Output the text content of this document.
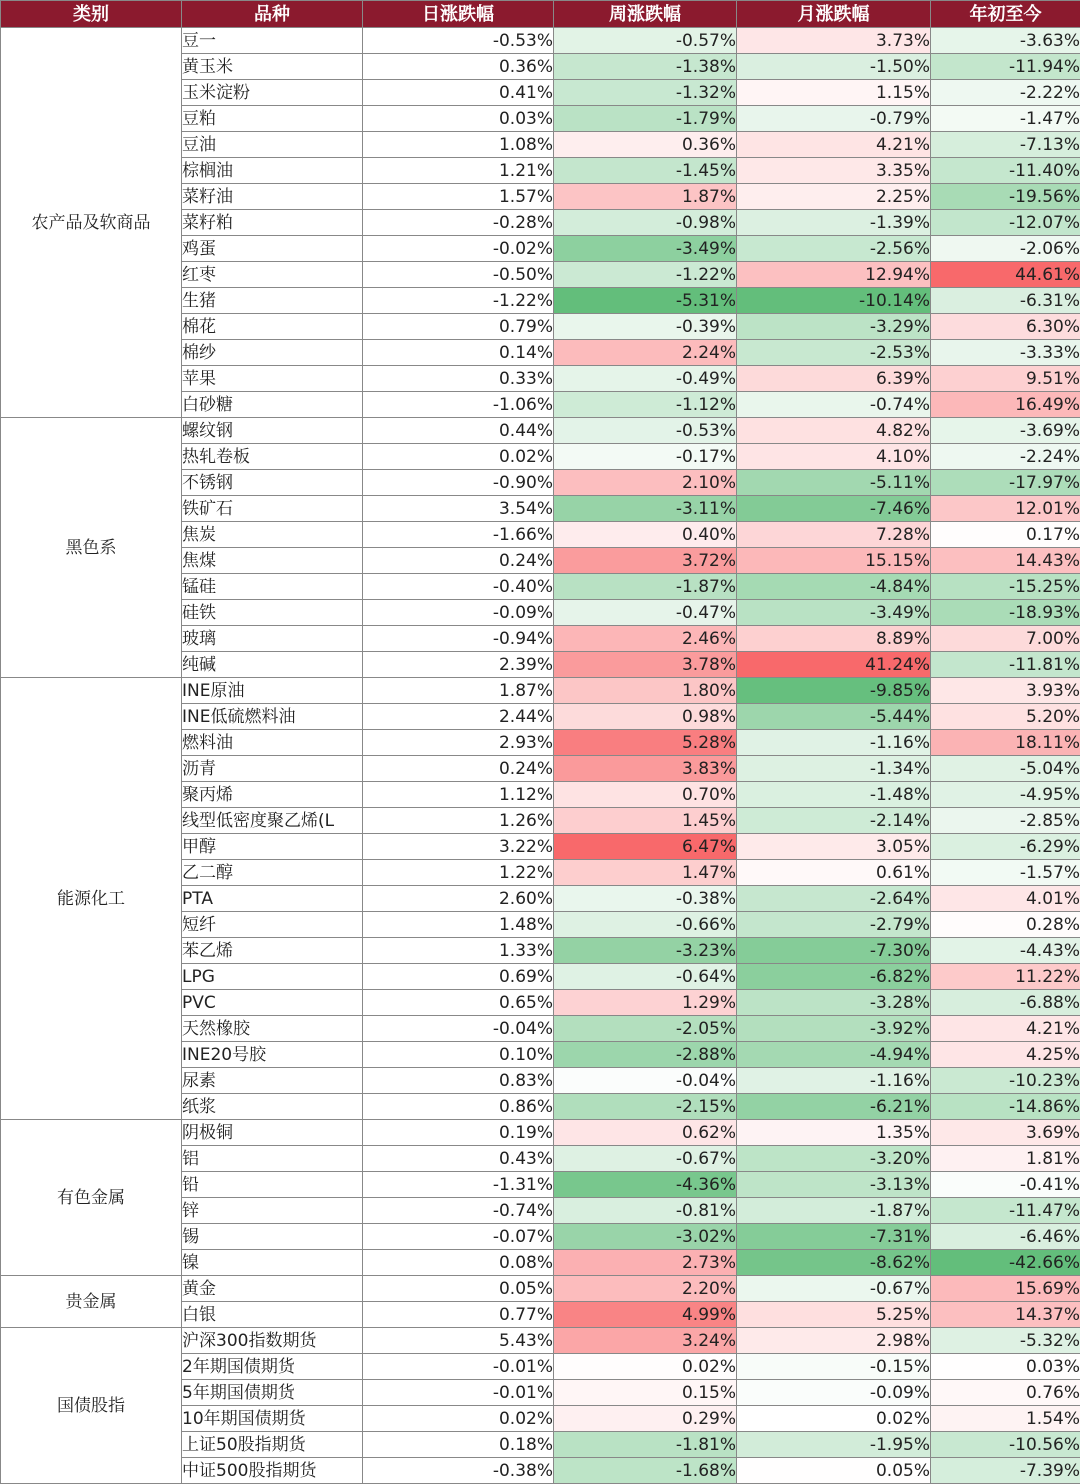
类别	品种	日涨跌幅	周涨跌幅	月涨跌幅	年初至今
农产品及软商品	豆一	-0.53%	-0.57%	3.73%	-3.63%
	黄玉米	0.36%	-1.38%	-1.50%	-11.94%
	玉米淀粉	0.41%	-1.32%	1.15%	-2.22%
	豆粕	0.03%	-1.79%	-0.79%	-1.47%
	豆油	1.08%	0.36%	4.21%	-7.13%
	棕榈油	1.21%	-1.45%	3.35%	-11.40%
	菜籽油	1.57%	1.87%	2.25%	-19.56%
	菜籽粕	-0.28%	-0.98%	-1.39%	-12.07%
	鸡蛋	-0.02%	-3.49%	-2.56%	-2.06%
	红枣	-0.50%	-1.22%	12.94%	44.61%
	生猪	-1.22%	-5.31%	-10.14%	-6.31%
	棉花	0.79%	-0.39%	-3.29%	6.30%
	棉纱	0.14%	2.24%	-2.53%	-3.33%
	苹果	0.33%	-0.49%	6.39%	9.51%
	白砂糖	-1.06%	-1.12%	-0.74%	16.49%
黑色系	螺纹钢	0.44%	-0.53%	4.82%	-3.69%
	热轧卷板	0.02%	-0.17%	4.10%	-2.24%
	不锈钢	-0.90%	2.10%	-5.11%	-17.97%
	铁矿石	3.54%	-3.11%	-7.46%	12.01%
	焦炭	-1.66%	0.40%	7.28%	0.17%
	焦煤	0.24%	3.72%	15.15%	14.43%
	锰硅	-0.40%	-1.87%	-4.84%	-15.25%
	硅铁	-0.09%	-0.47%	-3.49%	-18.93%
	玻璃	-0.94%	2.46%	8.89%	7.00%
	纯碱	2.39%	3.78%	41.24%	-11.81%
能源化工	INE原油	1.87%	1.80%	-9.85%	3.93%
	INE低硫燃料油	2.44%	0.98%	-5.44%	5.20%
	燃料油	2.93%	5.28%	-1.16%	18.11%
	沥青	0.24%	3.83%	-1.34%	-5.04%
	聚丙烯	1.12%	0.70%	-1.48%	-4.95%
	线型低密度聚乙烯(L	1.26%	1.45%	-2.14%	-2.85%
	甲醇	3.22%	6.47%	3.05%	-6.29%
	乙二醇	1.22%	1.47%	0.61%	-1.57%
	PTA	2.60%	-0.38%	-2.64%	4.01%
	短纤	1.48%	-0.66%	-2.79%	0.28%
	苯乙烯	1.33%	-3.23%	-7.30%	-4.43%
	LPG	0.69%	-0.64%	-6.82%	11.22%
	PVC	0.65%	1.29%	-3.28%	-6.88%
	天然橡胶	-0.04%	-2.05%	-3.92%	4.21%
	INE20号胶	0.10%	-2.88%	-4.94%	4.25%
	尿素	0.83%	-0.04%	-1.16%	-10.23%
	纸浆	0.86%	-2.15%	-6.21%	-14.86%
有色金属	阴极铜	0.19%	0.62%	1.35%	3.69%
	铝	0.43%	-0.67%	-3.20%	1.81%
	铅	-1.31%	-4.36%	-3.13%	-0.41%
	锌	-0.74%	-0.81%	-1.87%	-11.47%
	锡	-0.07%	-3.02%	-7.31%	-6.46%
	镍	0.08%	2.73%	-8.62%	-42.66%
贵金属	黄金	0.05%	2.20%	-0.67%	15.69%
	白银	0.77%	4.99%	5.25%	14.37%
国债股指	沪深300指数期货	5.43%	3.24%	2.98%	-5.32%
	2年期国债期货	-0.01%	0.02%	-0.15%	0.03%
	5年期国债期货	-0.01%	0.15%	-0.09%	0.76%
	10年期国债期货	0.02%	0.29%	0.02%	1.54%
	上证50股指期货	0.18%	-1.81%	-1.95%	-10.56%
	中证500股指期货	-0.38%	-1.68%	0.05%	-7.39%
